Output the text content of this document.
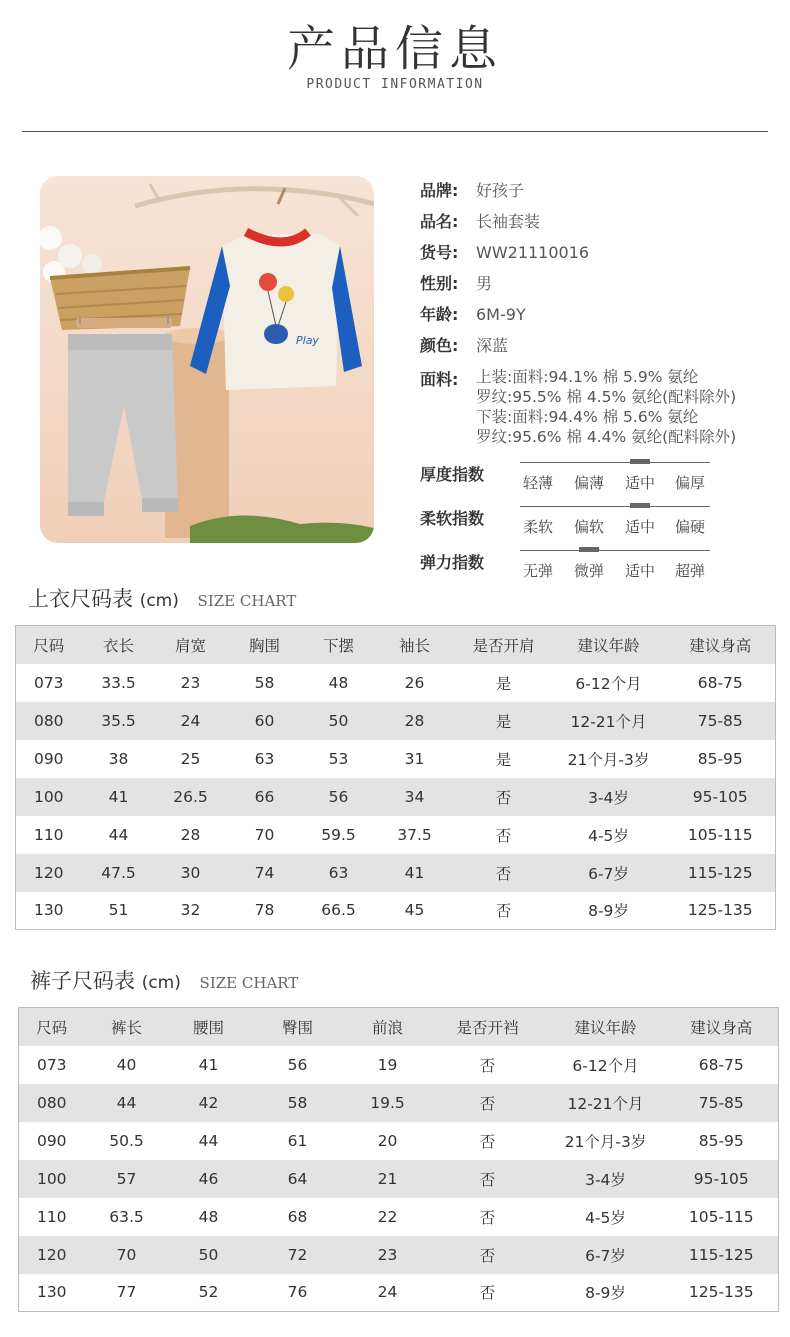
产品信息
PRODUCT INFORMATION
Play
品牌:	好孩子
品名:	长袖套装
货号:	WW21110016
性别:	男
年龄:	6M-9Y
颜色:	深蓝
面料:	上装:面料:94.1% 棉 5.9% 氨纶
罗纹:95.5% 棉 4.5% 氨纶(配料除外)
下装:面料:94.4% 棉 5.6% 氨纶
罗纹:95.6% 棉 4.4% 氨纶(配料除外)
厚度指数	轻薄	偏薄	适中	偏厚
柔软指数	柔软	偏软	适中	偏硬
弹力指数	无弹	微弹	适中	超弹
上衣尺码表 (cm) SIZE CHART
尺码	衣长	肩宽	胸围	下摆	袖长	是否开肩	建议年龄	建议身高
073	33.5	23	58	48	26	是	6-12个月	68-75
080	35.5	24	60	50	28	是	12-21个月	75-85
090	38	25	63	53	31	是	21个月-3岁	85-95
100	41	26.5	66	56	34	否	3-4岁	95-105
110	44	28	70	59.5	37.5	否	4-5岁	105-115
120	47.5	30	74	63	41	否	6-7岁	115-125
130	51	32	78	66.5	45	否	8-9岁	125-135
裤子尺码表 (cm) SIZE CHART
尺码	裤长	腰围	臀围	前浪	是否开裆	建议年龄	建议身高
073	40	41	56	19	否	6-12个月	68-75
080	44	42	58	19.5	否	12-21个月	75-85
090	50.5	44	61	20	否	21个月-3岁	85-95
100	57	46	64	21	否	3-4岁	95-105
110	63.5	48	68	22	否	4-5岁	105-115
120	70	50	72	23	否	6-7岁	115-125
130	77	52	76	24	否	8-9岁	125-135
